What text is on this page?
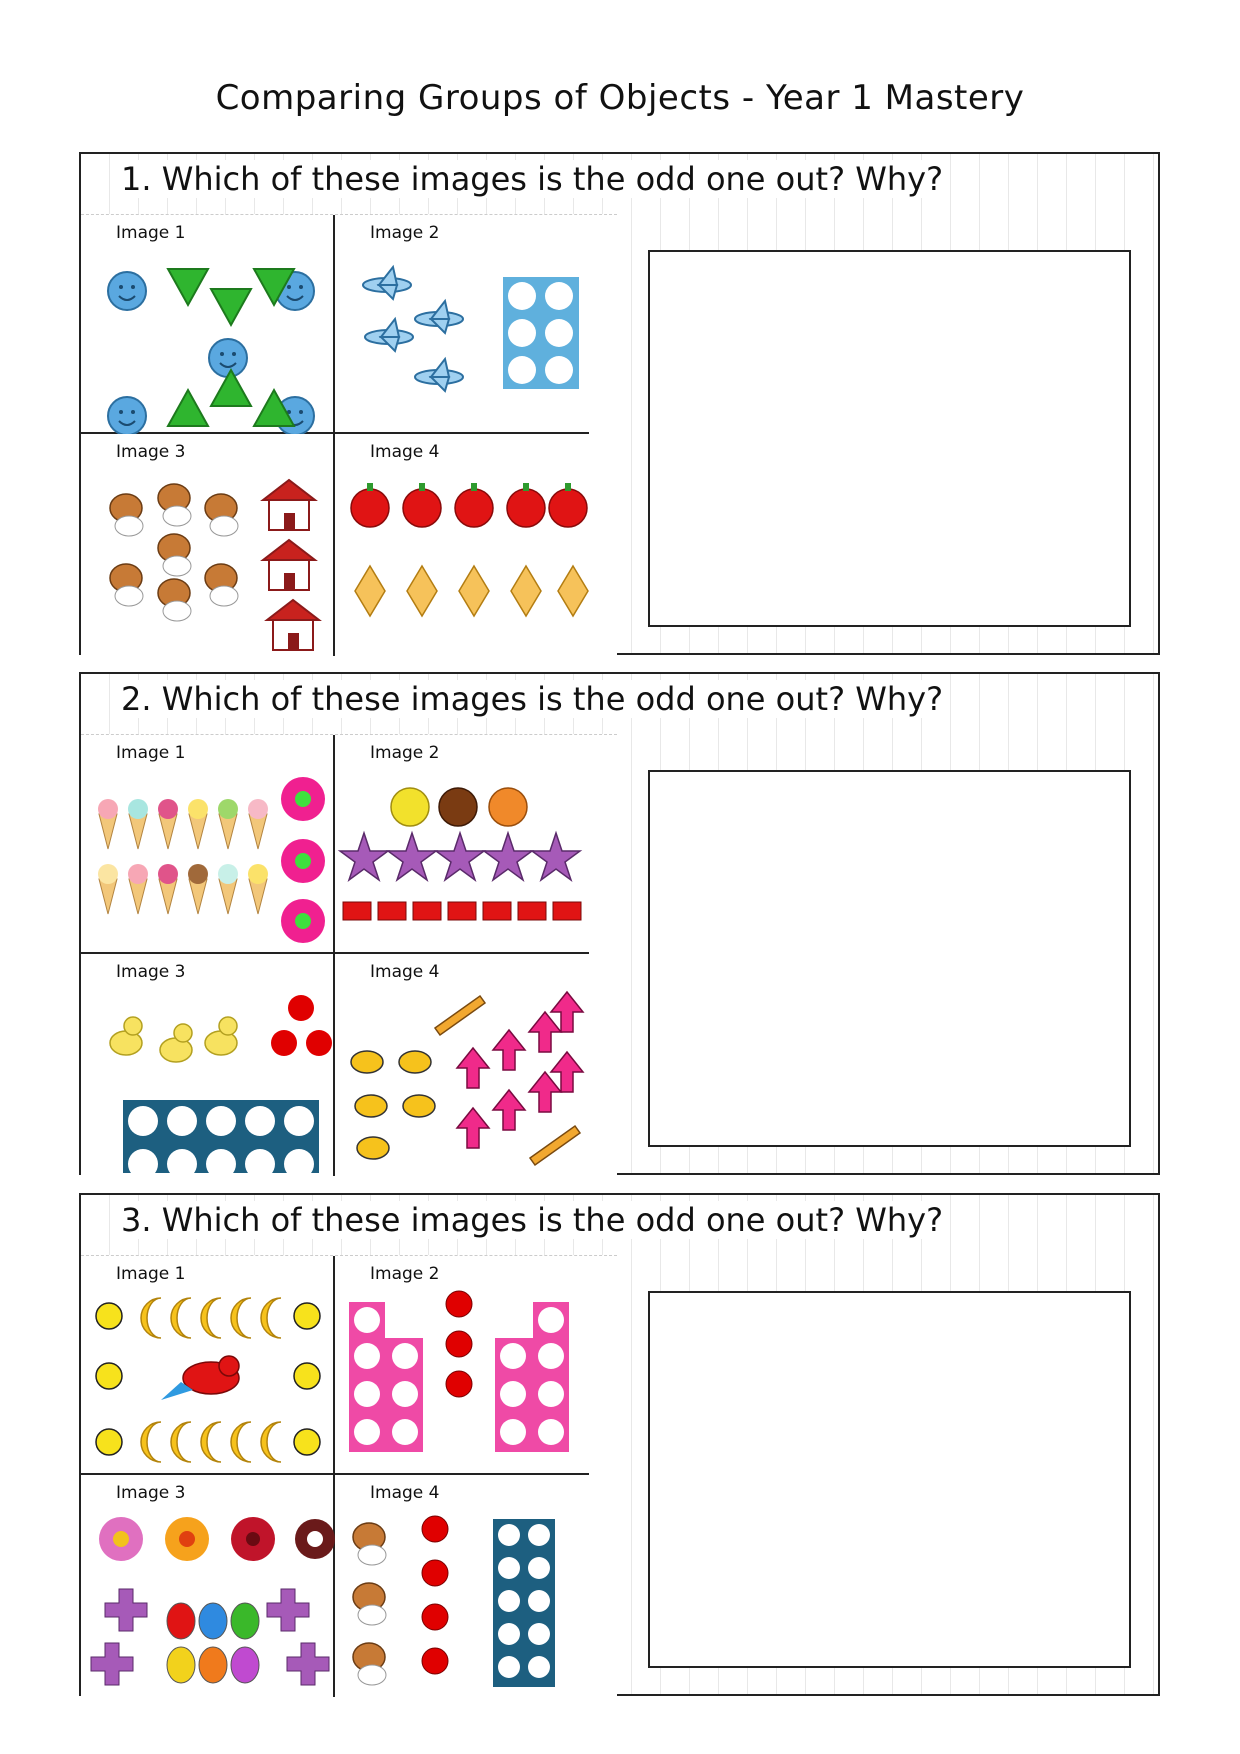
Comparing Groups of Objects - Year 1 Mastery
1. Which of these images is the odd one out? Why?
Image 1	Image 2
Image 3	Image 4
2. Which of these images is the odd one out? Why?
Image 1	Image 2
Image 3	Image 4
3. Which of these images is the odd one out? Why?
Image 1	Image 2
Image 3	Image 4
